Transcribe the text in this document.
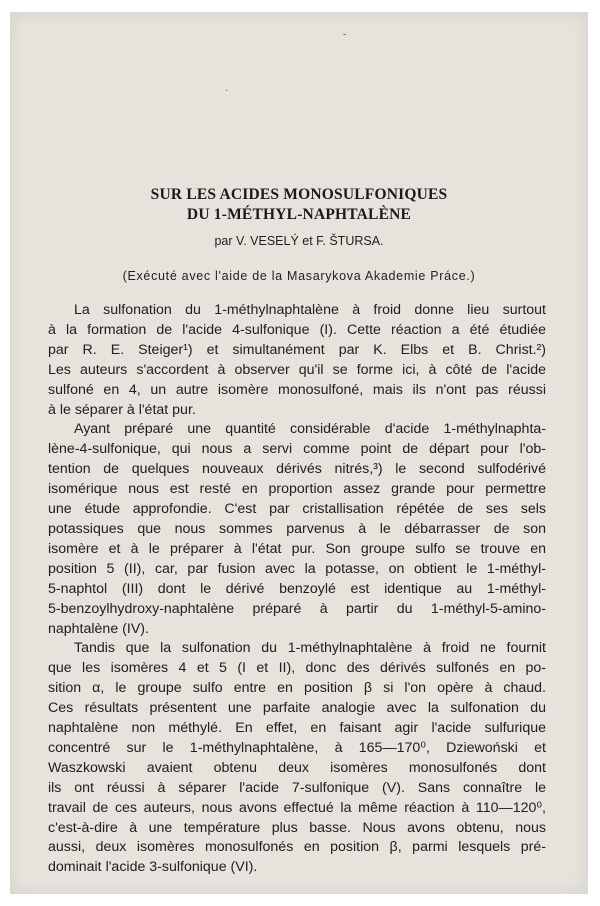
-
·
SUR LES ACIDES MONOSULFONIQUES
DU 1-MÉTHYL-NAPHTALÈNE
par V. VESELÝ et F. ŠTURSA.
(Exécuté avec l'aide de la Masarykova Akademie Práce.)
La sulfonation du 1-méthylnaphtalène à froid donne lieu surtout
à la formation de l'acide 4-sulfonique (I). Cette réaction a été étudiée
par R. E. Steiger¹) et simultanément par K. Elbs et B. Christ.²)
Les auteurs s'accordent à observer qu'il se forme ici, à côté de l'acide
sulfoné en 4, un autre isomère monosulfoné, mais ils n'ont pas réussi
à le séparer à l'état pur.
Ayant préparé une quantité considérable d'acide 1-méthylnaphta-
lène-4-sulfonique, qui nous a servi comme point de départ pour l'ob-
tention de quelques nouveaux dérivés nitrés,³) le second sulfodérivé
isomérique nous est resté en proportion assez grande pour permettre
une étude approfondie. C'est par cristallisation répétée de ses sels
potassiques que nous sommes parvenus à le débarrasser de son
isomère et à le préparer à l'état pur. Son groupe sulfo se trouve en
position 5 (II), car, par fusion avec la potasse, on obtient le 1-méthyl-
5-naphtol (III) dont le dérivé benzoylé est identique au 1-méthyl-
5-benzoylhydroxy-naphtalène préparé à partir du 1-méthyl-5-amino-
naphtalène (IV).
Tandis que la sulfonation du 1-méthylnaphtalène à froid ne fournit
que les isomères 4 et 5 (I et II), donc des dérivés sulfonés en po-
sition α, le groupe sulfo entre en position β si l'on opère à chaud.
Ces résultats présentent une parfaite analogie avec la sulfonation du
naphtalène non méthylé. En effet, en faisant agir l'acide sulfurique
concentré sur le 1-méthylnaphtalène, à 165—170⁰, Dziewoński et
Waszkowski avaient obtenu deux isomères monosulfonés dont
ils ont réussi à séparer l'acide 7-sulfonique (V). Sans connaître le
travail de ces auteurs, nous avons effectué la même réaction à 110—120⁰,
c'est-à-dire à une température plus basse. Nous avons obtenu, nous
aussi, deux isomères monosulfonés en position β, parmi lesquels pré-
dominait l'acide 3-sulfonique (VI).
